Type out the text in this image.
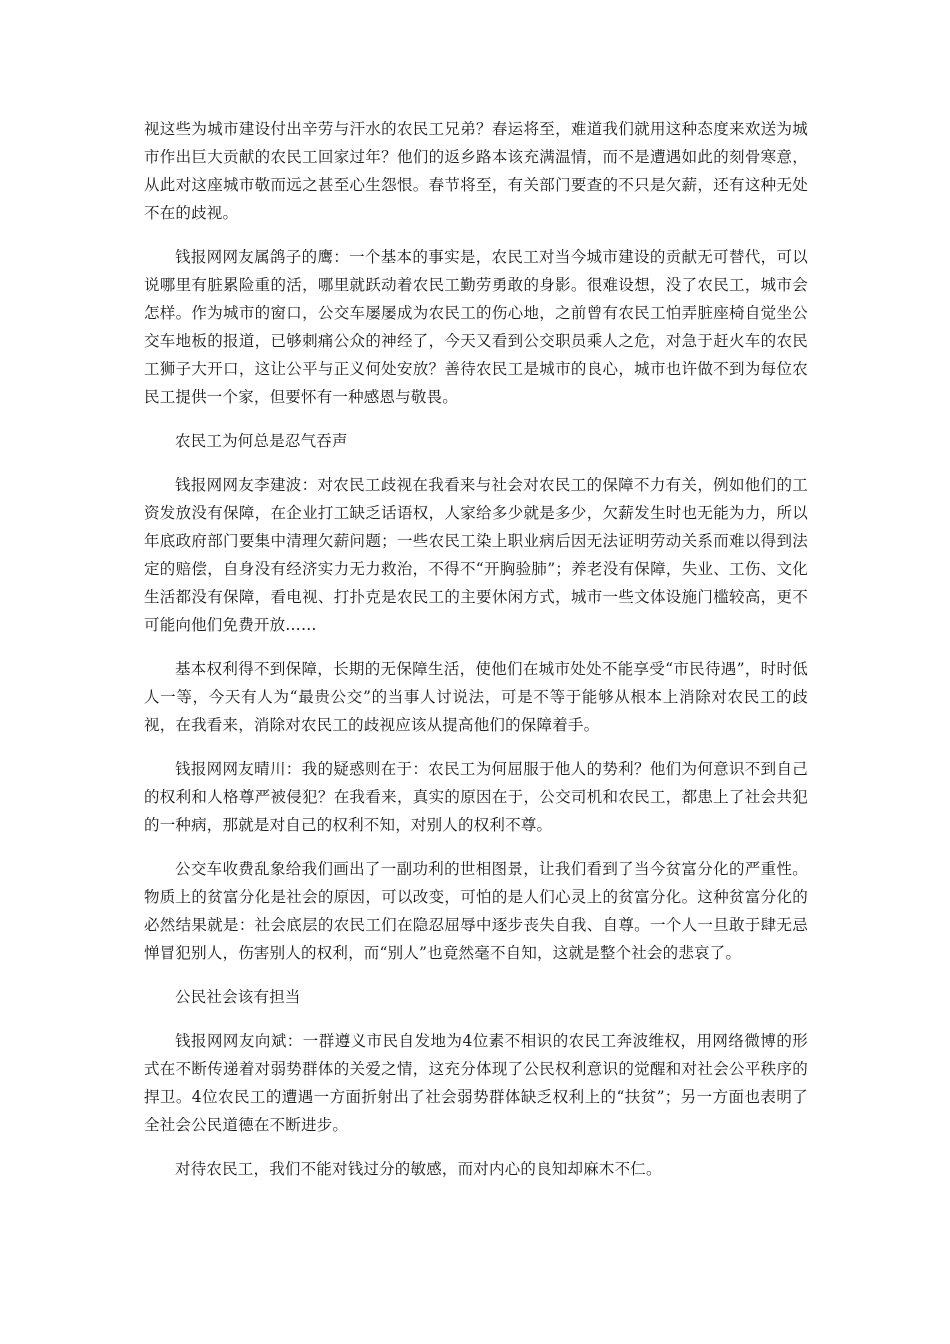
视这些为城市建设付出辛劳与汗水的农民工兄弟？春运将至，难道我们就用这种态度来欢送为城市作出巨大贡献的农民工回家过年？他们的返乡路本该充满温情，而不是遭遇如此的刻骨寒意，从此对这座城市敬而远之甚至心生怨恨。春节将至，有关部门要查的不只是欠薪，还有这种无处不在的歧视。

钱报网网友属鸽子的鹰：一个基本的事实是，农民工对当今城市建设的贡献无可替代，可以说哪里有脏累险重的活，哪里就跃动着农民工勤劳勇敢的身影。很难设想，没了农民工，城市会怎样。作为城市的窗口，公交车屡屡成为农民工的伤心地，之前曾有农民工怕弄脏座椅自觉坐公交车地板的报道，已够刺痛公众的神经了，今天又看到公交职员乘人之危，对急于赶火车的农民工狮子大开口，这让公平与正义何处安放？善待农民工是城市的良心，城市也许做不到为每位农民工提供一个家，但要怀有一种感恩与敬畏。

农民工为何总是忍气吞声

钱报网网友李建波：对农民工歧视在我看来与社会对农民工的保障不力有关，例如他们的工资发放没有保障，在企业打工缺乏话语权，人家给多少就是多少，欠薪发生时也无能为力，所以年底政府部门要集中清理欠薪问题；一些农民工染上职业病后因无法证明劳动关系而难以得到法定的赔偿，自身没有经济实力无力救治，不得不“开胸验肺”；养老没有保障，失业、工伤、文化生活都没有保障，看电视、打扑克是农民工的主要休闲方式，城市一些文体设施门槛较高，更不可能向他们免费开放……

基本权利得不到保障，长期的无保障生活，使他们在城市处处不能享受“市民待遇”，时时低人一等，今天有人为“最贵公交”的当事人讨说法，可是不等于能够从根本上消除对农民工的歧视，在我看来，消除对农民工的歧视应该从提高他们的保障着手。

钱报网网友晴川：我的疑惑则在于：农民工为何屈服于他人的势利？他们为何意识不到自己的权利和人格尊严被侵犯？在我看来，真实的原因在于，公交司机和农民工，都患上了社会共犯的一种病，那就是对自己的权利不知，对别人的权利不尊。

公交车收费乱象给我们画出了一副功利的世相图景，让我们看到了当今贫富分化的严重性。物质上的贫富分化是社会的原因，可以改变，可怕的是人们心灵上的贫富分化。这种贫富分化的必然结果就是：社会底层的农民工们在隐忍屈辱中逐步丧失自我、自尊。一个人一旦敢于肆无忌惮冒犯别人，伤害别人的权利，而“别人”也竟然毫不自知，这就是整个社会的悲哀了。

公民社会该有担当

钱报网网友向斌：一群遵义市民自发地为4位素不相识的农民工奔波维权，用网络微博的形式在不断传递着对弱势群体的关爱之情，这充分体现了公民权利意识的觉醒和对社会公平秩序的捍卫。4位农民工的遭遇一方面折射出了社会弱势群体缺乏权利上的“扶贫”；另一方面也表明了全社会公民道德在不断进步。

对待农民工，我们不能对钱过分的敏感，而对内心的良知却麻木不仁。
